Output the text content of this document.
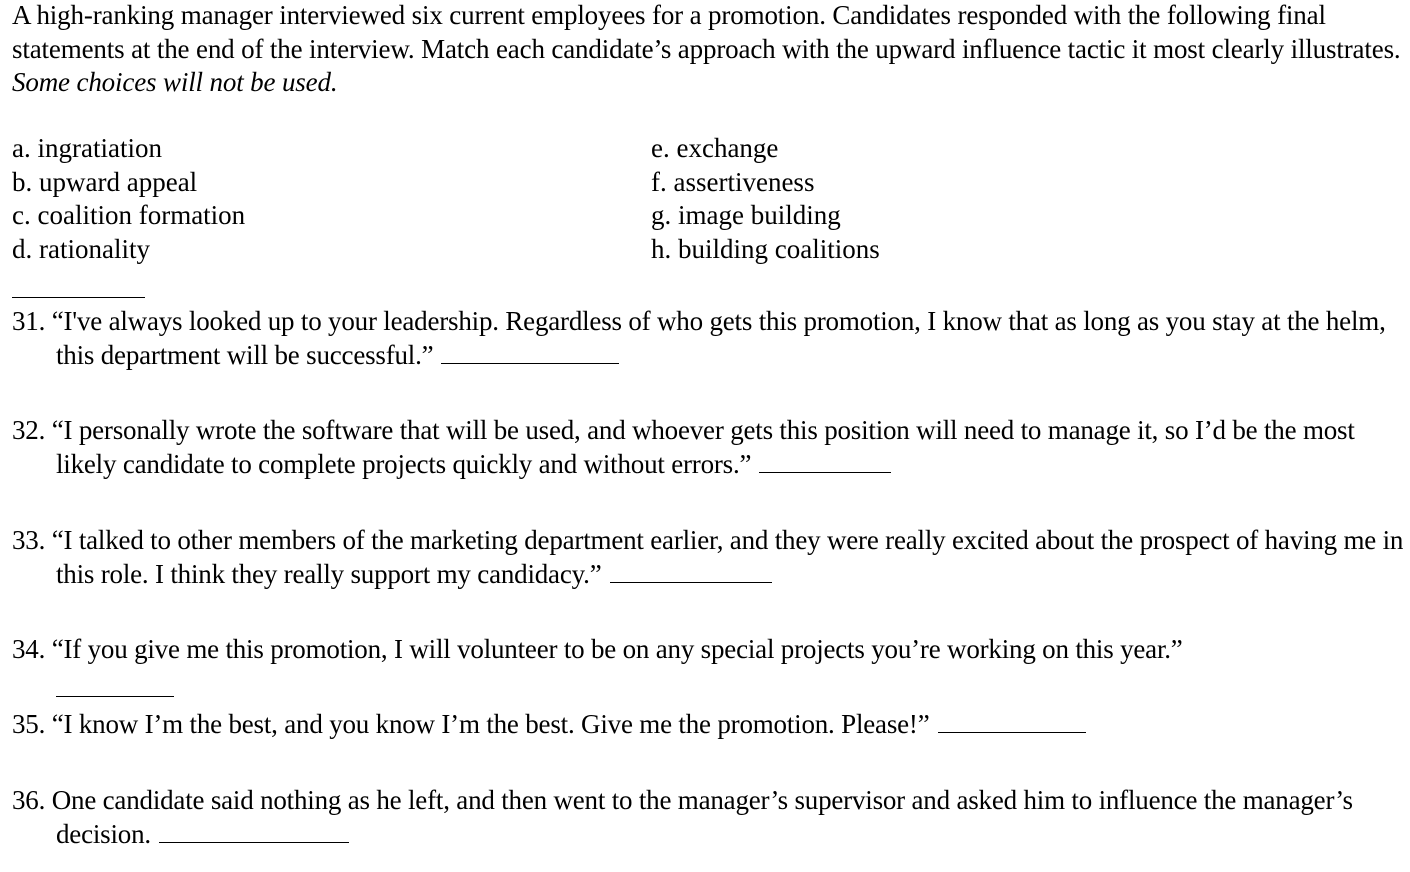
A high-ranking manager interviewed six current employees for a promotion. Candidates responded with the following final statements at the end of the interview. Match each candidate’s approach with the upward influence tactic it most clearly illustrates. Some choices will not be used.

a. ingratiation
b. upward appeal
c. coalition formation
d. rationality
e. exchange
f. assertiveness
g. image building
h. building coalitions
31. “I've always looked up to your leadership. Regardless of who gets this promotion, I know that as long as you stay at the helm, this department will be successful.”
32. “I personally wrote the software that will be used, and whoever gets this position will need to manage it, so I’d be the most likely candidate to complete projects quickly and without errors.”
33. “I talked to other members of the marketing department earlier, and they were really excited about the prospect of having me in this role. I think they really support my candidacy.”
34. “If you give me this promotion, I will volunteer to be on any special projects you’re working on this year.”
35. “I know I’m the best, and you know I’m the best. Give me the promotion. Please!”
36. One candidate said nothing as he left, and then went to the manager’s supervisor and asked him to influence the manager’s decision.
